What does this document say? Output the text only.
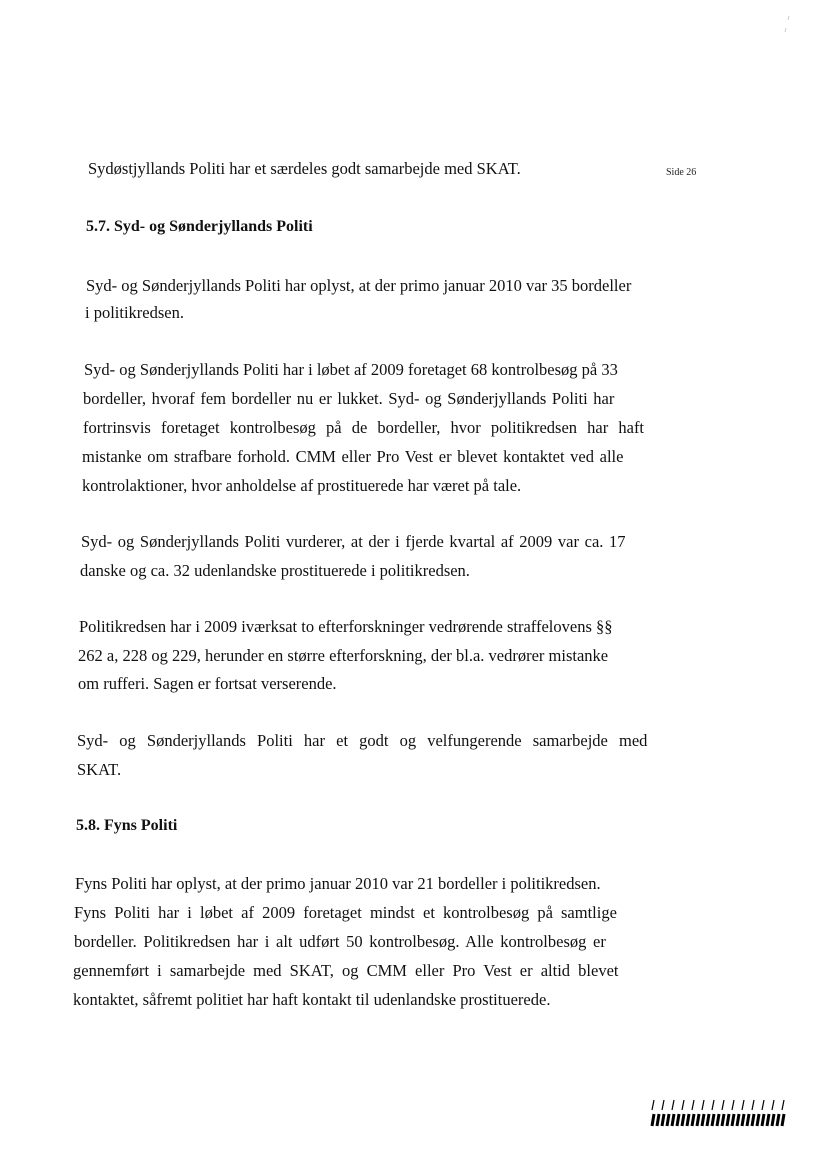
Side 26
Sydøstjyllands Politi har et særdeles godt samarbejde med SKAT.
5.7. Syd- og Sønderjyllands Politi
Syd- og Sønderjyllands Politi har oplyst, at der primo januar 2010 var 35 bordeller
i politikredsen.
Syd- og Sønderjyllands Politi har i løbet af 2009 foretaget 68 kontrolbesøg på 33
bordeller, hvoraf fem bordeller nu er lukket. Syd- og Sønderjyllands Politi har
fortrinsvis foretaget kontrolbesøg på de bordeller, hvor politikredsen har haft
mistanke om strafbare forhold. CMM eller Pro Vest er blevet kontaktet ved alle
kontrolaktioner, hvor anholdelse af prostituerede har været på tale.
Syd- og Sønderjyllands Politi vurderer, at der i fjerde kvartal af 2009 var ca. 17
danske og ca. 32 udenlandske prostituerede i politikredsen.
Politikredsen har i 2009 iværksat to efterforskninger vedrørende straffelovens §§
262 a, 228 og 229, herunder en større efterforskning, der bl.a. vedrører mistanke
om rufferi. Sagen er fortsat verserende.
Syd- og Sønderjyllands Politi har et godt og velfungerende samarbejde med
SKAT.
5.8. Fyns Politi
Fyns Politi har oplyst, at der primo januar 2010 var 21 bordeller i politikredsen.
Fyns Politi har i løbet af 2009 foretaget mindst et kontrolbesøg på samtlige
bordeller. Politikredsen har i alt udført 50 kontrolbesøg. Alle kontrolbesøg er
gennemført i samarbejde med SKAT, og CMM eller Pro Vest er altid blevet
kontaktet, såfremt politiet har haft kontakt til udenlandske prostituerede.
